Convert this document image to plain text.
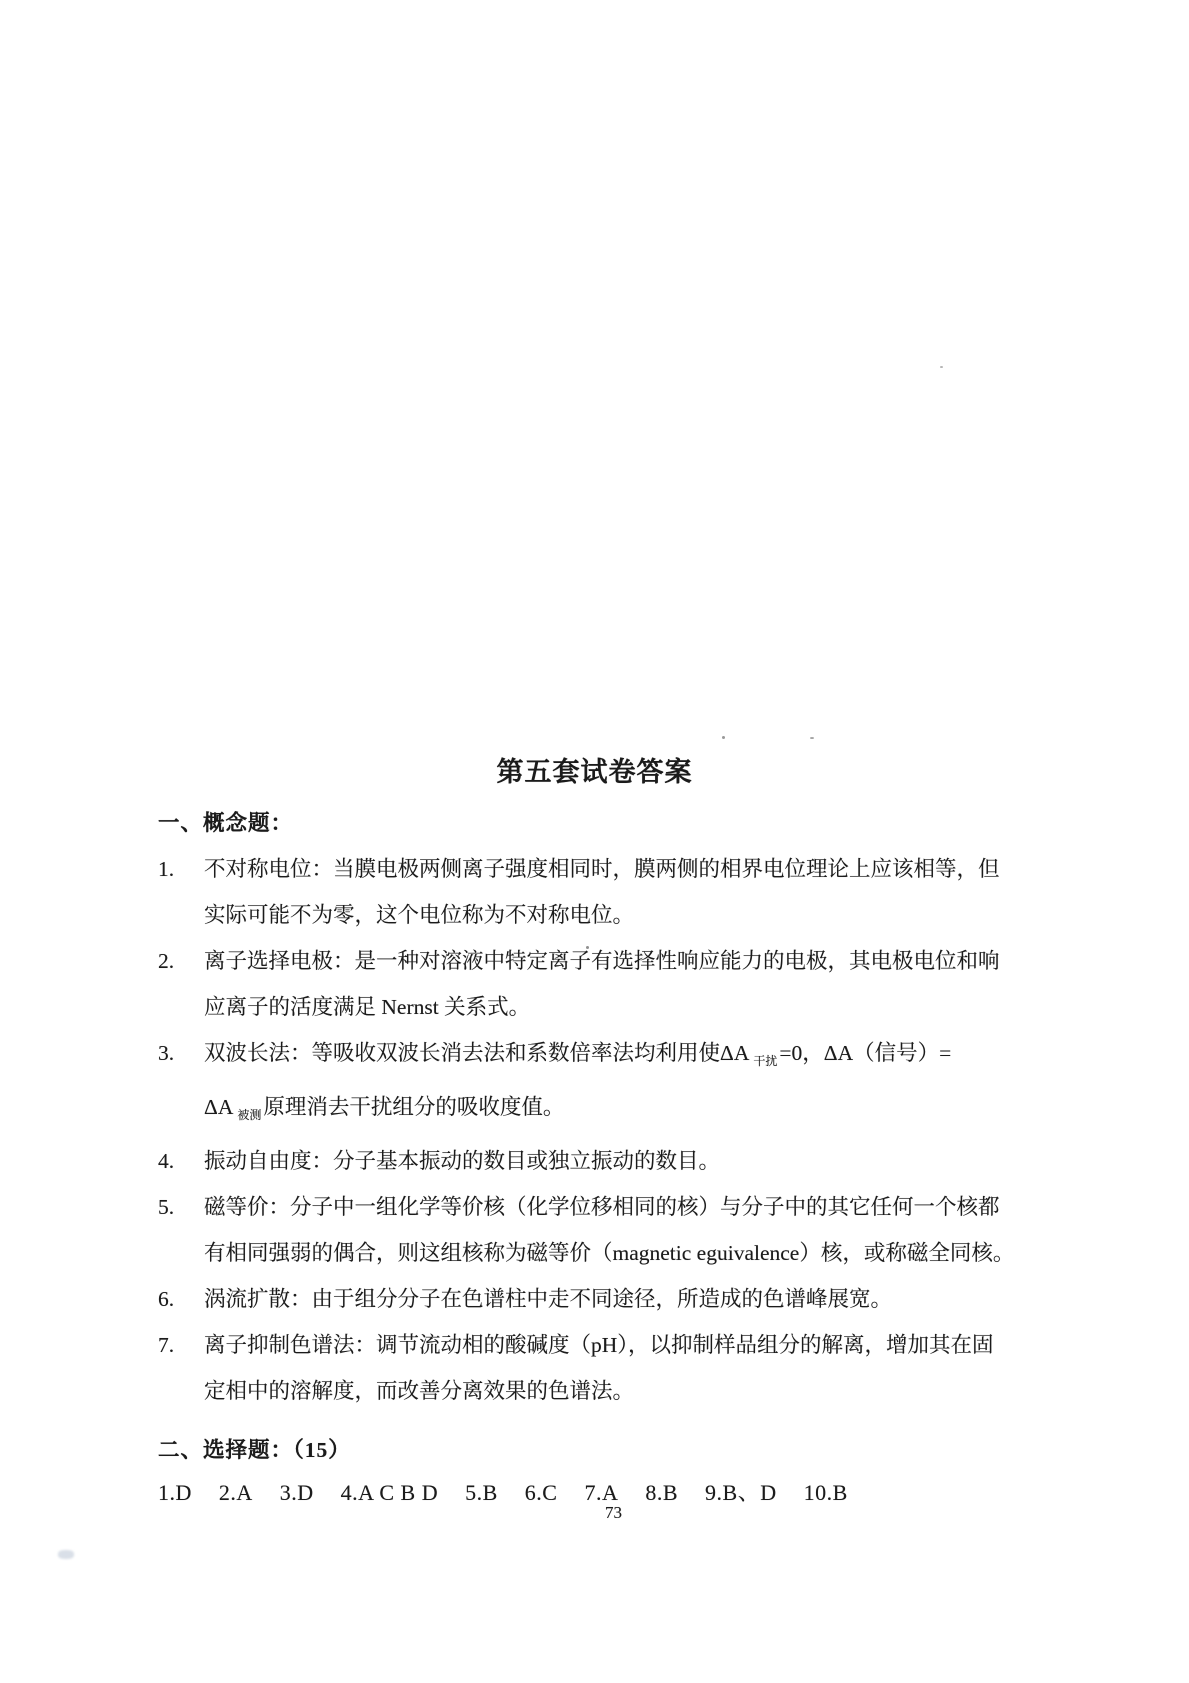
第五套试卷答案
一、概念题：
1.	不对称电位：当膜电极两侧离子强度相同时，膜两侧的相界电位理论上应该相等，但
实际可能不为零，这个电位称为不对称电位。
2.	离子选择电极：是一种对溶液中特定离子有选择性响应能力的电极，其电极电位和响
应离子的活度满足 Nernst 关系式。
3.	双波长法：等吸收双波长消去法和系数倍率法均利用使ΔA $_{干扰}$=0，ΔA（信号）=
ΔA $_{被测}$原理消去干扰组分的吸收度值。
4.	振动自由度：分子基本振动的数目或独立振动的数目。
5.	磁等价：分子中一组化学等价核（化学位移相同的核）与分子中的其它任何一个核都
有相同强弱的偶合，则这组核称为磁等价（magnetic eguivalence）核，或称磁全同核。
6.	涡流扩散：由于组分分子在色谱柱中走不同途径，所造成的色谱峰展宽。
7.	离子抑制色谱法：调节流动相的酸碱度（pH），以抑制样品组分的解离，增加其在固
定相中的溶解度，而改善分离效果的色谱法。
二、选择题：（15）
1.D 2.A 3.D 4.A C B D 5.B 6.C 7.A 8.B 9.B、D 10.B
73
